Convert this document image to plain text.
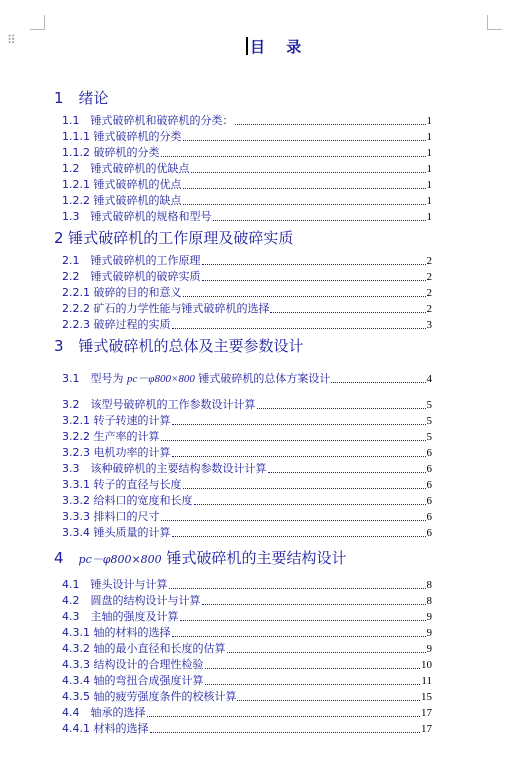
⠿	目 录
1　绪论
1.1　锤式破碎机和破碎机的分类：	1
1.1.1 锤式破碎机的分类	1
1.1.2 破碎机的分类	1
1.2　锤式破碎机的优缺点	1
1.2.1 锤式破碎机的优点	1
1.2.2 锤式破碎机的缺点	1
1.3　锤式破碎机的规格和型号	1
2 锤式破碎机的工作原理及破碎实质
2.1　锤式破碎机的工作原理	2
2.2　锤式破碎机的破碎实质	2
2.2.1 破碎的目的和意义	2
2.2.2 矿石的力学性能与锤式破碎机的选择	2
2.2.3 破碎过程的实质	3
3　锤式破碎机的总体及主要参数设计
3.1　型号为 pc－φ800×800 锤式破碎机的总体方案设计	4
3.2　该型号破碎机的工作参数设计计算	5
3.2.1 转子转速的计算	5
3.2.2 生产率的计算	5
3.2.3 电机功率的计算	6
3.3　该种破碎机的主要结构参数设计计算	6
3.3.1 转子的直径与长度	6
3.3.2 给料口的宽度和长度	6
3.3.3 排料口的尺寸	6
3.3.4 锤头质量的计算	6
4　pc－φ800×800 锤式破碎机的主要结构设计
4.1　锤头设计与计算	8
4.2　圆盘的结构设计与计算	8
4.3　主轴的强度及计算	9
4.3.1 轴的材料的选择	9
4.3.2 轴的最小直径和长度的估算	9
4.3.3 结构设计的合理性检验	10
4.3.4 轴的弯扭合成强度计算	11
4.3.5 轴的疲劳强度条件的校核计算	15
4.4　轴承的选择	17
4.4.1 材料的选择	17
